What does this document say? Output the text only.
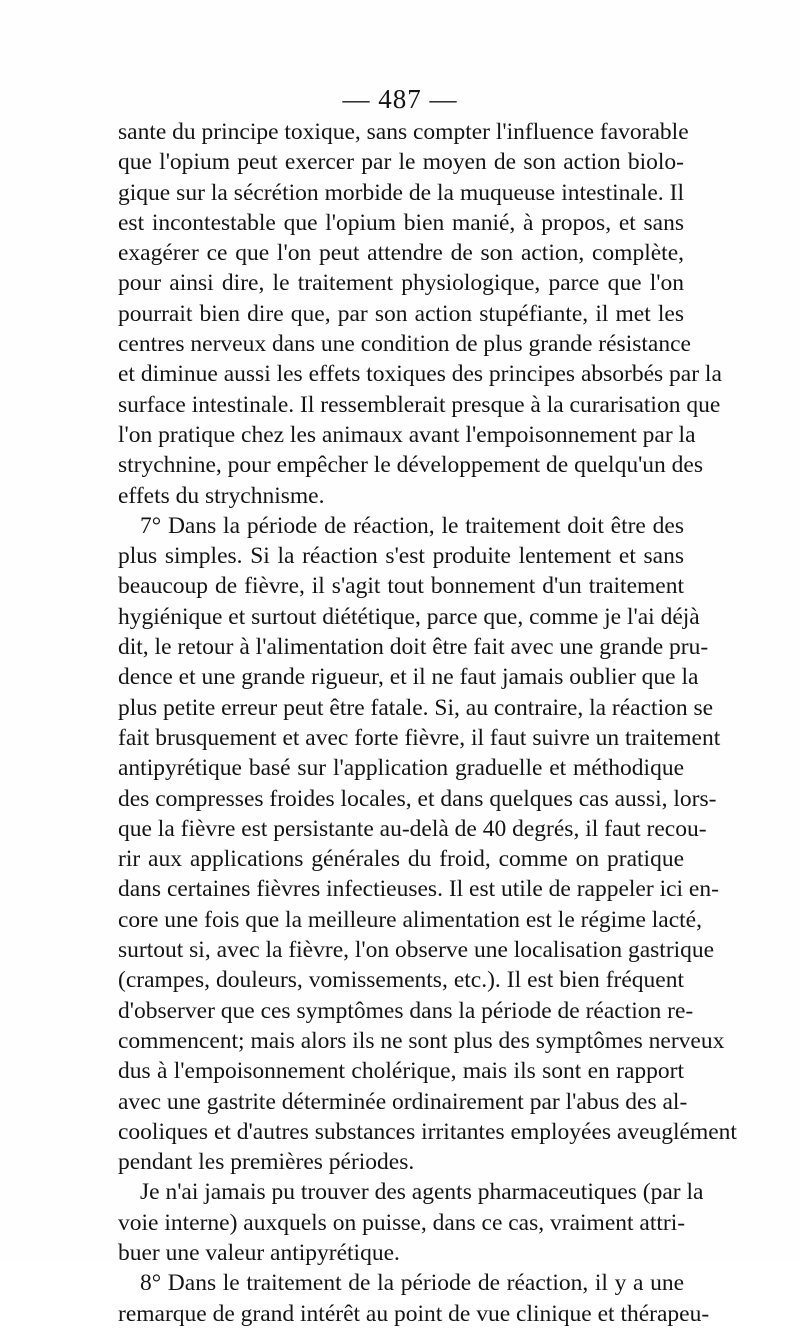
— 487 —
sante du principe toxique, sans compter l'influence favorable
que l'opium peut exercer par le moyen de son action biolo-
gique sur la sécrétion morbide de la muqueuse intestinale. Il
est incontestable que l'opium bien manié, à propos, et sans
exagérer ce que l'on peut attendre de son action, complète,
pour ainsi dire, le traitement physiologique, parce que l'on
pourrait bien dire que, par son action stupéfiante, il met les
centres nerveux dans une condition de plus grande résistance
et diminue aussi les effets toxiques des principes absorbés par la
surface intestinale. Il ressemblerait presque à la curarisation que
l'on pratique chez les animaux avant l'empoisonnement par la
strychnine, pour empêcher le développement de quelqu'un des
effets du strychnisme.
7° Dans la période de réaction, le traitement doit être des
plus simples. Si la réaction s'est produite lentement et sans
beaucoup de fièvre, il s'agit tout bonnement d'un traitement
hygiénique et surtout diététique, parce que, comme je l'ai déjà
dit, le retour à l'alimentation doit être fait avec une grande pru-
dence et une grande rigueur, et il ne faut jamais oublier que la
plus petite erreur peut être fatale. Si, au contraire, la réaction se
fait brusquement et avec forte fièvre, il faut suivre un traitement
antipyrétique basé sur l'application graduelle et méthodique
des compresses froides locales, et dans quelques cas aussi, lors-
que la fièvre est persistante au-delà de 40 degrés, il faut recou-
rir aux applications générales du froid, comme on pratique
dans certaines fièvres infectieuses. Il est utile de rappeler ici en-
core une fois que la meilleure alimentation est le régime lacté,
surtout si, avec la fièvre, l'on observe une localisation gastrique
(crampes, douleurs, vomissements, etc.). Il est bien fréquent
d'observer que ces symptômes dans la période de réaction re-
commencent; mais alors ils ne sont plus des symptômes nerveux
dus à l'empoisonnement cholérique, mais ils sont en rapport
avec une gastrite déterminée ordinairement par l'abus des al-
cooliques et d'autres substances irritantes employées aveuglément
pendant les premières périodes.
Je n'ai jamais pu trouver des agents pharmaceutiques (par la
voie interne) auxquels on puisse, dans ce cas, vraiment attri-
buer une valeur antipyrétique.
8° Dans le traitement de la période de réaction, il y a une
remarque de grand intérêt au point de vue clinique et thérapeu-
